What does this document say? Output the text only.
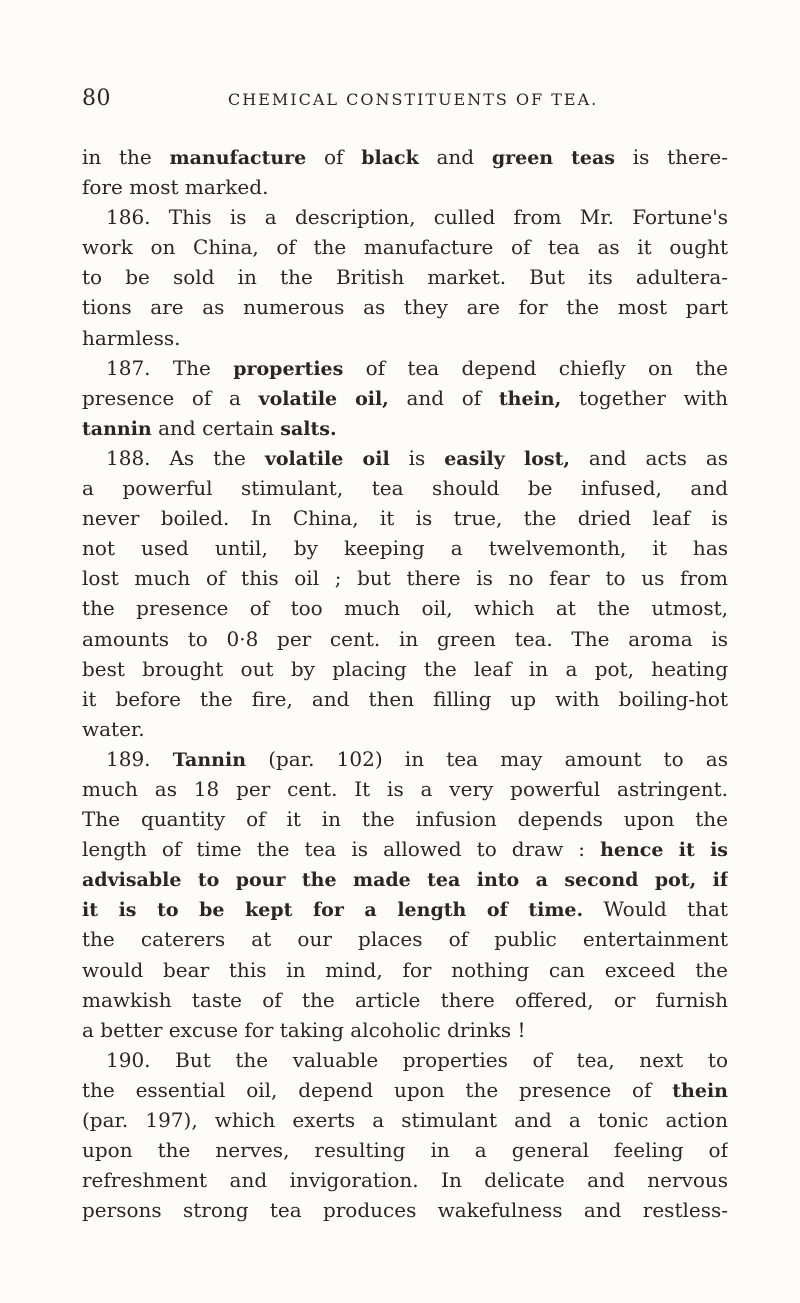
80	CHEMICAL CONSTITUENTS OF TEA.
in the manufacture of black and green teas is there-
fore most marked.
186. This is a description, culled from Mr. Fortune's
work on China, of the manufacture of tea as it ought
to be sold in the British market. But its adultera-
tions are as numerous as they are for the most part
harmless.
187. The properties of tea depend chiefly on the
presence of a volatile oil, and of thein, together with
tannin and certain salts.
188. As the volatile oil is easily lost, and acts as
a powerful stimulant, tea should be infused, and
never boiled. In China, it is true, the dried leaf is
not used until, by keeping a twelvemonth, it has
lost much of this oil ; but there is no fear to us from
the presence of too much oil, which at the utmost,
amounts to 0·8 per cent. in green tea. The aroma is
best brought out by placing the leaf in a pot, heating
it before the fire, and then filling up with boiling-hot
water.
189. Tannin (par. 102) in tea may amount to as
much as 18 per cent. It is a very powerful astringent.
The quantity of it in the infusion depends upon the
length of time the tea is allowed to draw : hence it is
advisable to pour the made tea into a second pot, if
it is to be kept for a length of time. Would that
the caterers at our places of public entertainment
would bear this in mind, for nothing can exceed the
mawkish taste of the article there offered, or furnish
a better excuse for taking alcoholic drinks !
190. But the valuable properties of tea, next to
the essential oil, depend upon the presence of thein
(par. 197), which exerts a stimulant and a tonic action
upon the nerves, resulting in a general feeling of
refreshment and invigoration. In delicate and nervous
persons strong tea produces wakefulness and restless-
